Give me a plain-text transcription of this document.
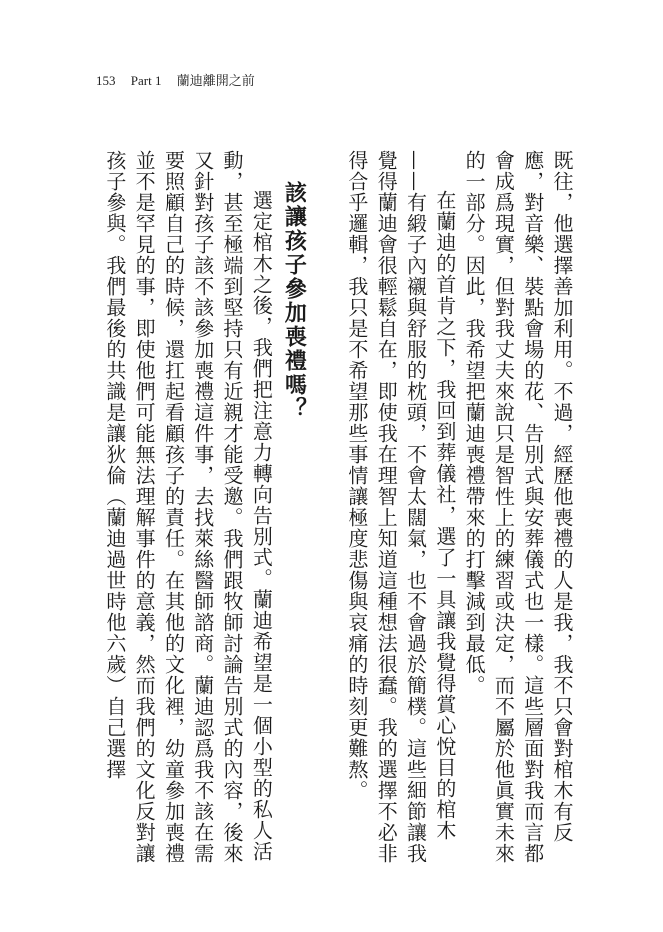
153 Part 1 蘭迪離開之前

既往，他選擇善加利用。不過，經歷他喪禮的人是我，我不只會對棺木有反應，對音樂、裝點會場的花、告別式與安葬儀式也一樣。這些層面對我而言都會成爲現實，但對我丈夫來說只是智性上的練習或決定，而不屬於他眞實未來的一部分。因此，我希望把蘭迪喪禮帶來的打擊減到最低。

在蘭迪的首肯之下，我回到葬儀社，選了一具讓我覺得賞心悅目的棺木——有緞子內襯與舒服的枕頭，不會太闊氣，也不會過於簡樸。這些細節讓我覺得蘭迪會很輕鬆自在，即使我在理智上知道這種想法很蠢。我的選擇不必非得合乎邏輯，我只是不希望那些事情讓極度悲傷與哀痛的時刻更難熬。

該讓孩子參加喪禮嗎？

選定棺木之後，我們把注意力轉向告別式。蘭迪希望是一個小型的私人活動，甚至極端到堅持只有近親才能受邀。我們跟牧師討論告別式的內容，後來又針對孩子該不該參加喪禮這件事，去找萊絲醫師諮商。蘭迪認爲我不該在需要照顧自己的時候，還扛起看顧孩子的責任。在其他的文化裡，幼童參加喪禮並不是罕見的事，即使他們可能無法理解事件的意義，然而我們的文化反對讓孩子參與。我們最後的共識是讓狄倫（蘭迪過世時他六歲）自己選擇
